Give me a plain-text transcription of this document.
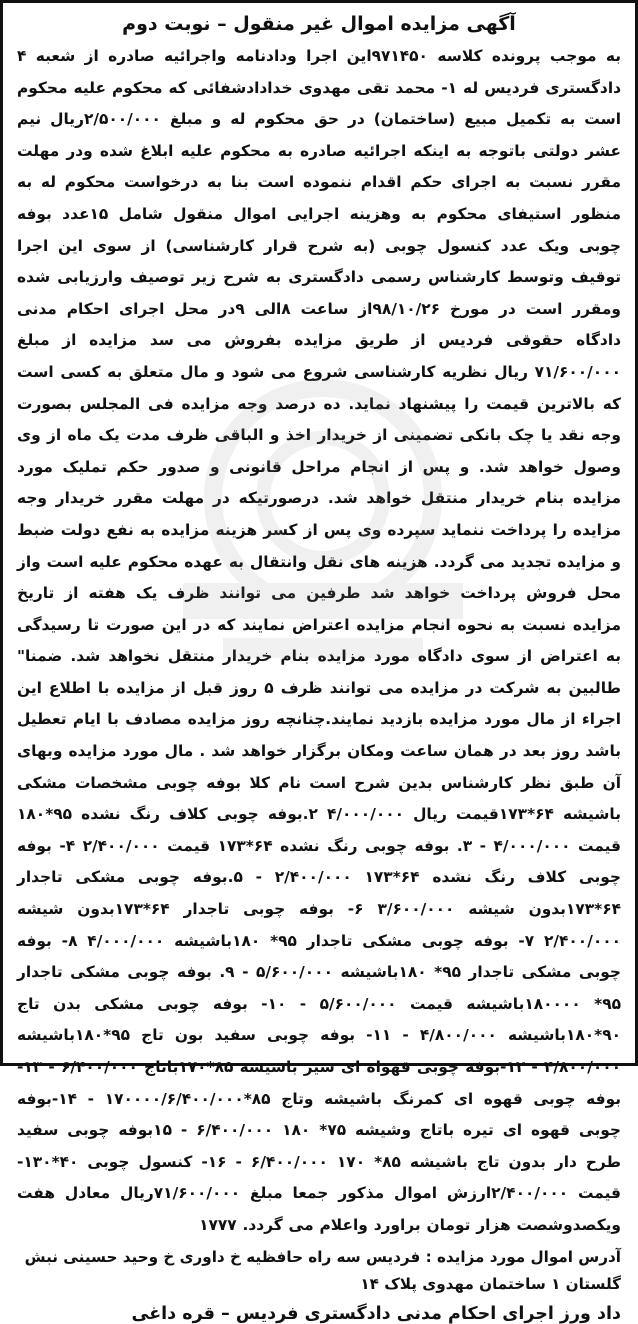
آگهی مزایده اموال غیر منقول – نوبت دوم
به موجب پرونده کلاسه ۹۷۱۴۵۰این اجرا ودادنامه واجرائیه صادره از شعبه ۴ دادگستری فردیس له ۱- محمد تقی مهدوی خدادادشفائی که محکوم علیه محکوم است به تکمیل مبیع (ساختمان) در حق محکوم له و مبلغ ۲/۵۰۰/۰۰۰ریال نیم عشر دولتی باتوجه به اینکه اجرائیه صادره به محکوم علیه ابلاغ شده ودر مهلت مقرر نسبت به اجرای حکم اقدام ننموده است بنا به درخواست محکوم له به منظور استیفای محکوم به وهزینه اجرایی اموال منقول شامل ۱۵عدد بوفه چوبی ویک عدد کنسول چوبی (به شرح قرار کارشناسی) از سوی این اجرا توقیف وتوسط کارشناس رسمی دادگستری به شرح زیر توصیف وارزیابی شده ومقرر است در مورخ ۹۸/۱۰/۲۶از ساعت ۸الی ۹در محل اجرای احکام مدنی دادگاه حقوقی فردیس از طریق مزایده بفروش می سد مزایده از مبلغ ۷۱/۶۰۰/۰۰۰ ریال نظریه کارشناسی شروع می شود و مال متعلق به کسی است که بالاترین قیمت را پیشنهاد نماید. ده درصد وجه مزایده فی المجلس بصورت وجه نقد یا چک بانکی تضمینی از خریدار اخذ و الباقی ظرف مدت یک ماه از وی وصول خواهد شد. و پس از انجام مراحل قانونی و صدور حکم تملیک مورد مزایده بنام خریدار منتقل خواهد شد. درصورتیکه در مهلت مقرر خریدار وجه مزایده را پرداخت ننماید سپرده وی پس از کسر هزینه مزایده به نفع دولت ضبط و مزایده تجدید می گردد. هزینه های نقل وانتقال به عهده محکوم علیه است واز محل فروش پرداخت خواهد شد طرفین می توانند ظرف یک هفته از تاریخ مزایده نسبت به نحوه انجام مزایده اعتراض نمایند که در این صورت تا رسیدگی به اعتراض از سوی دادگاه مورد مزایده بنام خریدار منتقل نخواهد شد. ضمنا" طالبین به شرکت در مزایده می توانند ظرف ۵ روز قبل از مزایده با اطلاع این اجراء از مال مورد مزایده بازدید نمایند.چنانچه روز مزایده مصادف با ایام تعطیل باشد روز بعد در همان ساعت ومکان برگزار خواهد شد . مال مورد مزایده وبهای آن طبق نظر کارشناس بدین شرح است نام کلا بوفه چوبی مشخصات مشکی باشیشه ۶۴*۱۷۳قیمت ریال ۴/۰۰۰/۰۰۰ ۲.بوفه چوبی کلاف رنگ نشده ۹۵*۱۸۰ قیمت ۴/۰۰۰/۰۰۰ - ۳. بوفه چوبی رنگ نشده ۶۴*۱۷۳ قیمت ۲/۴۰۰/۰۰۰ ۴- بوفه چوبی کلاف رنگ نشده ۶۴*۱۷۳ ۲/۴۰۰/۰۰۰ - ۵.بوفه چوبی مشکی تاجدار ۶۴*۱۷۳بدون شیشه ۳/۶۰۰/۰۰۰ ۶- بوفه چوبی تاجدار ۶۴*۱۷۳بدون شیشه ۲/۴۰۰/۰۰۰ ۷- بوفه چوبی مشکی تاجدار ۹۵* ۱۸۰باشیشه ۴/۰۰۰/۰۰۰ ۸- بوفه چوبی مشکی تاجدار ۹۵* ۱۸۰باشیشه ۵/۶۰۰/۰۰۰ - ۹. بوفه چوبی مشکی تاجدار ۹۵* ۱۸۰۰۰۰باشیشه قیمت ۵/۶۰۰/۰۰۰ - ۱۰- بوفه چوبی مشکی بدن تاج ۹۰*۱۸۰باشیشه ۴/۸۰۰/۰۰۰ - ۱۱- بوفه چوبی سفید بون تاج ۹۵*۱۸۰باشیشه ۴/۸۰۰/۰۰۰ - ۱۲-بوفه چوبی قهواه ای سیر باشیشه ۸۵*۱۷۰باتاج ۶/۴۰۰/۰۰۰ - ۱۳- بوفه چوبی قهوه ای کمرنگ باشیشه وتاج ۸۵*۱۷۰۰۰۰/۶/۴۰۰/۰۰۰ - ۱۴-بوفه چوبی قهوه ای تیره باتاج وشیشه ۷۵* ۱۸۰ ۶/۴۰۰/۰۰۰ - ۱۵بوفه چوبی سفید طرح دار بدون تاج باشیشه ۸۵* ۱۷۰ ۶/۴۰۰/۰۰۰ - ۱۶- کنسول چوبی ۴۰*۱۳۰- قیمت ۲/۴۰۰/۰۰۰ارزش اموال مذکور جمعا مبلغ ۷۱/۶۰۰/۰۰۰ریال معادل هفت ویکصدوشصت هزار تومان براورد واعلام می گردد. ۱۷۷۷
آدرس اموال مورد مزایده : فردیس سه راه حافظیه خ داوری خ وحید حسینی نبش گلستان ۱ ساختمان مهدوی پلاک ۱۴
داد ورز اجرای احکام مدنی دادگستری فردیس – قره داغی
